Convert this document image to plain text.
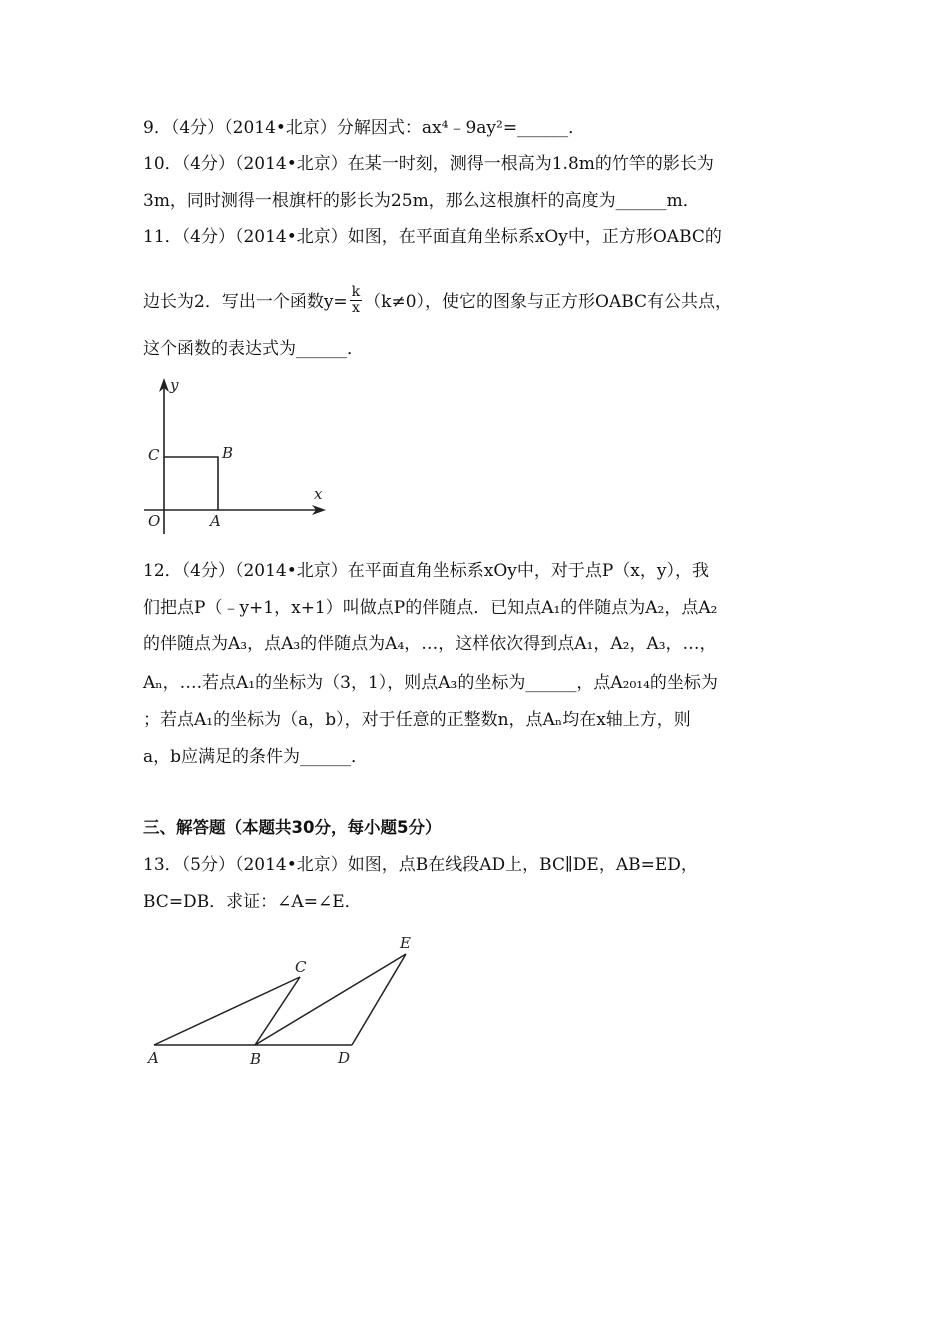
9．（4分）（2014•北京）分解因式：ax⁴﹣9ay²=______．
10．（4分）（2014•北京）在某一时刻，测得一根高为1.8m的竹竿的影长为
3m，同时测得一根旗杆的影长为25m，那么这根旗杆的高度为______m．
11．（4分）（2014•北京）如图，在平面直角坐标系xOy中，正方形OABC的
边长为2．写出一个函数$y= \frac{k}{x} (k\ne 0)$，使它的图象与正方形OABC有公共点，
这个函数的表达式为______．
y
x
C	B
O	A
12．（4分）（2014•北京）在平面直角坐标系xOy中，对于点P（x，y），我
们把点P（﹣y+1，x+1）叫做点P的伴随点．已知点A₁的伴随点为A₂，点A₂
的伴随点为A₃，点A₃的伴随点为A₄，…，这样依次得到点A₁，A₂，A₃，…，
Aₙ，….若点A₁的坐标为（3，1），则点A₃的坐标为______，点A₂₀₁₄的坐标为
；若点A₁的坐标为（a，b），对于任意的正整数n，点Aₙ均在x轴上方，则
a，b应满足的条件为______．
三、解答题（本题共30分，每小题5分）
13．（5分）（2014•北京）如图，点B在线段AD上，BC∥DE，AB=ED，
BC=DB．求证：∠A=∠E．
A	B
C
D
E
